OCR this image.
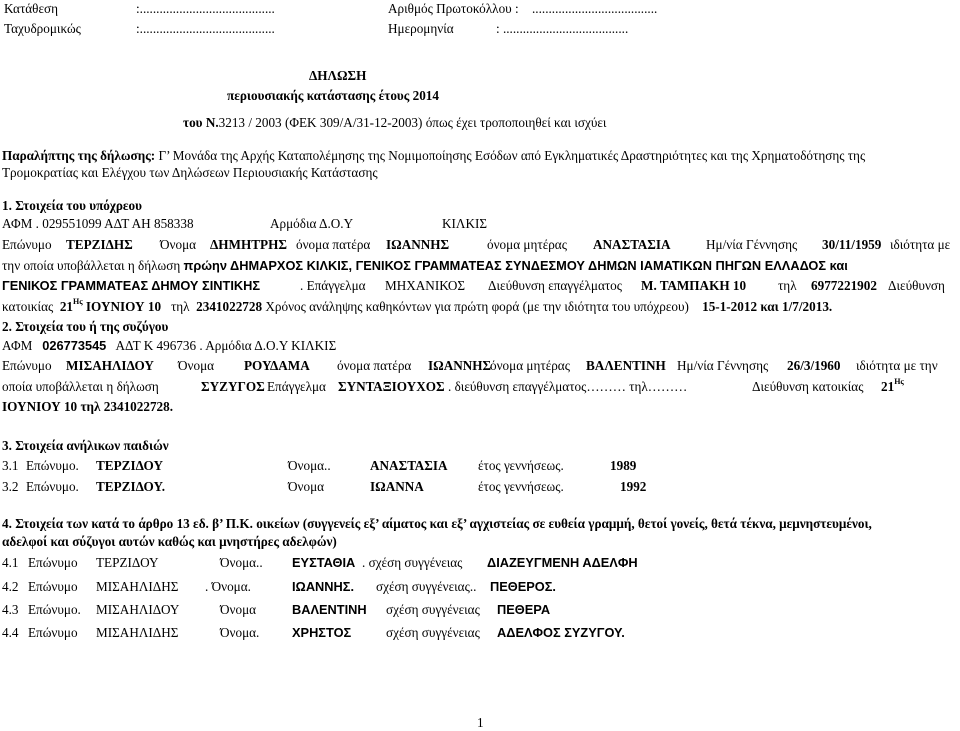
Κατάθεση	:.........................................	Αριθμός Πρωτοκόλλου : ......................................
Ταχυδρομικώς	:.........................................	Ημερομηνία	: ......................................
ΔΗΛΩΣΗ
περιουσιακής κατάστασης έτους 2014
του Ν.3213 / 2003 (ΦΕΚ 309/Α/31-12-2003) όπως έχει τροποποιηθεί και ισχύει
Παραλήπτης της δήλωσης: Γ’ Μονάδα της Αρχής Καταπολέμησης της Νομιμοποίησης Εσόδων από Εγκληματικές Δραστηριότητες και της Χρηματοδότησης της
Τρομοκρατίας και Ελέγχου των Δηλώσεων Περιουσιακής Κατάστασης
1. Στοιχεία του υπόχρεου
ΑΦΜ . 029551099 ΑΔΤ ΑΗ 858338	Αρμόδια Δ.Ο.Υ	ΚΙΛΚΙΣ
Επώνυμο ΤΕΡΖΙΔΗΣ Όνομα ΔΗΜΗΤΡΗΣ όνομα πατέρα ΙΩΑΝΝΗΣ	όνομα μητέρας ΑΝΑΣΤΑΣΙΑ	Ημ/νία Γέννησης 30/11/1959 ιδιότητα με
την οποία υποβάλλεται η δήλωση πρώην ΔΗΜΑΡΧΟΣ ΚΙΛΚΙΣ, ΓΕΝΙΚΟΣ ΓΡΑΜΜΑΤΕΑΣ ΣΥΝΔΕΣΜΟΥ ΔΗΜΩΝ ΙΑΜΑΤΙΚΩΝ ΠΗΓΩΝ ΕΛΛΑΔΟΣ και
ΓΕΝΙΚΟΣ ΓΡΑΜΜΑΤΕΑΣ ΔΗΜΟΥ ΣΙΝΤΙΚΗΣ	. Επάγγελμα ΜΗΧΑΝΙΚΟΣ Διεύθυνση επαγγέλματος Μ. ΤΑΜΠΑΚΗ 10 τηλ 6977221902 Διεύθυνση
κατοικίας $21^{H\varsigma}$ ΙΟΥΝΙΟΥ 10 τηλ 2341022728 Χρόνος ανάληψης καθηκόντων για πρώτη φορά (με την ιδιότητα του υπόχρεου) 15-1-2012 και 1/7/2013.
2. Στοιχεία του ή της συζύγου
ΑΦΜ 026773545 ΑΔΤ Κ 496736 . Αρμόδια Δ.Ο.Υ ΚΙΛΚΙΣ
Επώνυμο ΜΙΣΑΗΛΙΔΟΥ Όνομα ΡΟΥΔΑΜΑ όνομα πατέρα ΙΩΑΝΝΗΣ
όνομα μητέρας ΒΑΛΕΝΤΙΝΗ Ημ/νία Γέννησης 26/3/1960 ιδιότητα με την
οποία υποβάλλεται η δήλωση	ΣΥΖΥΓΟΣ Επάγγελμα ΣΥΝΤΑΞΙΟΥΧΟΣ . διεύθυνση επαγγέλματος……… τηλ………	Διεύθυνση κατοικίας $21^{H\varsigma}$
ΙΟΥΝΙΟΥ 10 τηλ 2341022728.
3. Στοιχεία ανήλικων παιδιών
3.1 Επώνυμο. ΤΕΡΖΙΔΟΥ	Όνομα..	ΑΝΑΣΤΑΣΙΑ έτος γεννήσεως.	1989
3.2 Επώνυμο. ΤΕΡΖΙΔΟΥ.	Όνομα	ΙΩΑΝΝΑ	έτος γεννήσεως.	1992
4. Στοιχεία των κατά το άρθρο 13 εδ. β’ Π.Κ. οικείων (συγγενείς εξ’ αίματος και εξ’ αγχιστείας σε ευθεία γραμμή, θετοί γονείς, θετά τέκνα, μεμνηστευμένοι,
αδελφοί και σύζυγοι αυτών καθώς και μνηστήρες αδελφών)
4.1 Επώνυμο ΤΕΡΖΙΔΟΥ	Όνομα.. ΕΥΣΤΑΘΙΑ . σχέση συγγένειας ΔΙΑΖΕΥΓΜΕΝΗ ΑΔΕΛΦΗ
4.2 Επώνυμο ΜΙΣΑΗΛΙΔΗΣ . Όνομα.	ΙΩΑΝΝΗΣ. σχέση συγγένειας.. ΠΕΘΕΡΟΣ.
4.3 Επώνυμο. ΜΙΣΑΗΛΙΔΟΥ	Όνομα	ΒΑΛΕΝΤΙΝΗ σχέση συγγένειας ΠΕΘΕΡΑ
4.4 Επώνυμο ΜΙΣΑΗΛΙΔΗΣ	Όνομα.	ΧΡΗΣΤΟΣ	σχέση συγγένειας ΑΔΕΛΦΟΣ ΣΥΖΥΓΟΥ.
1
